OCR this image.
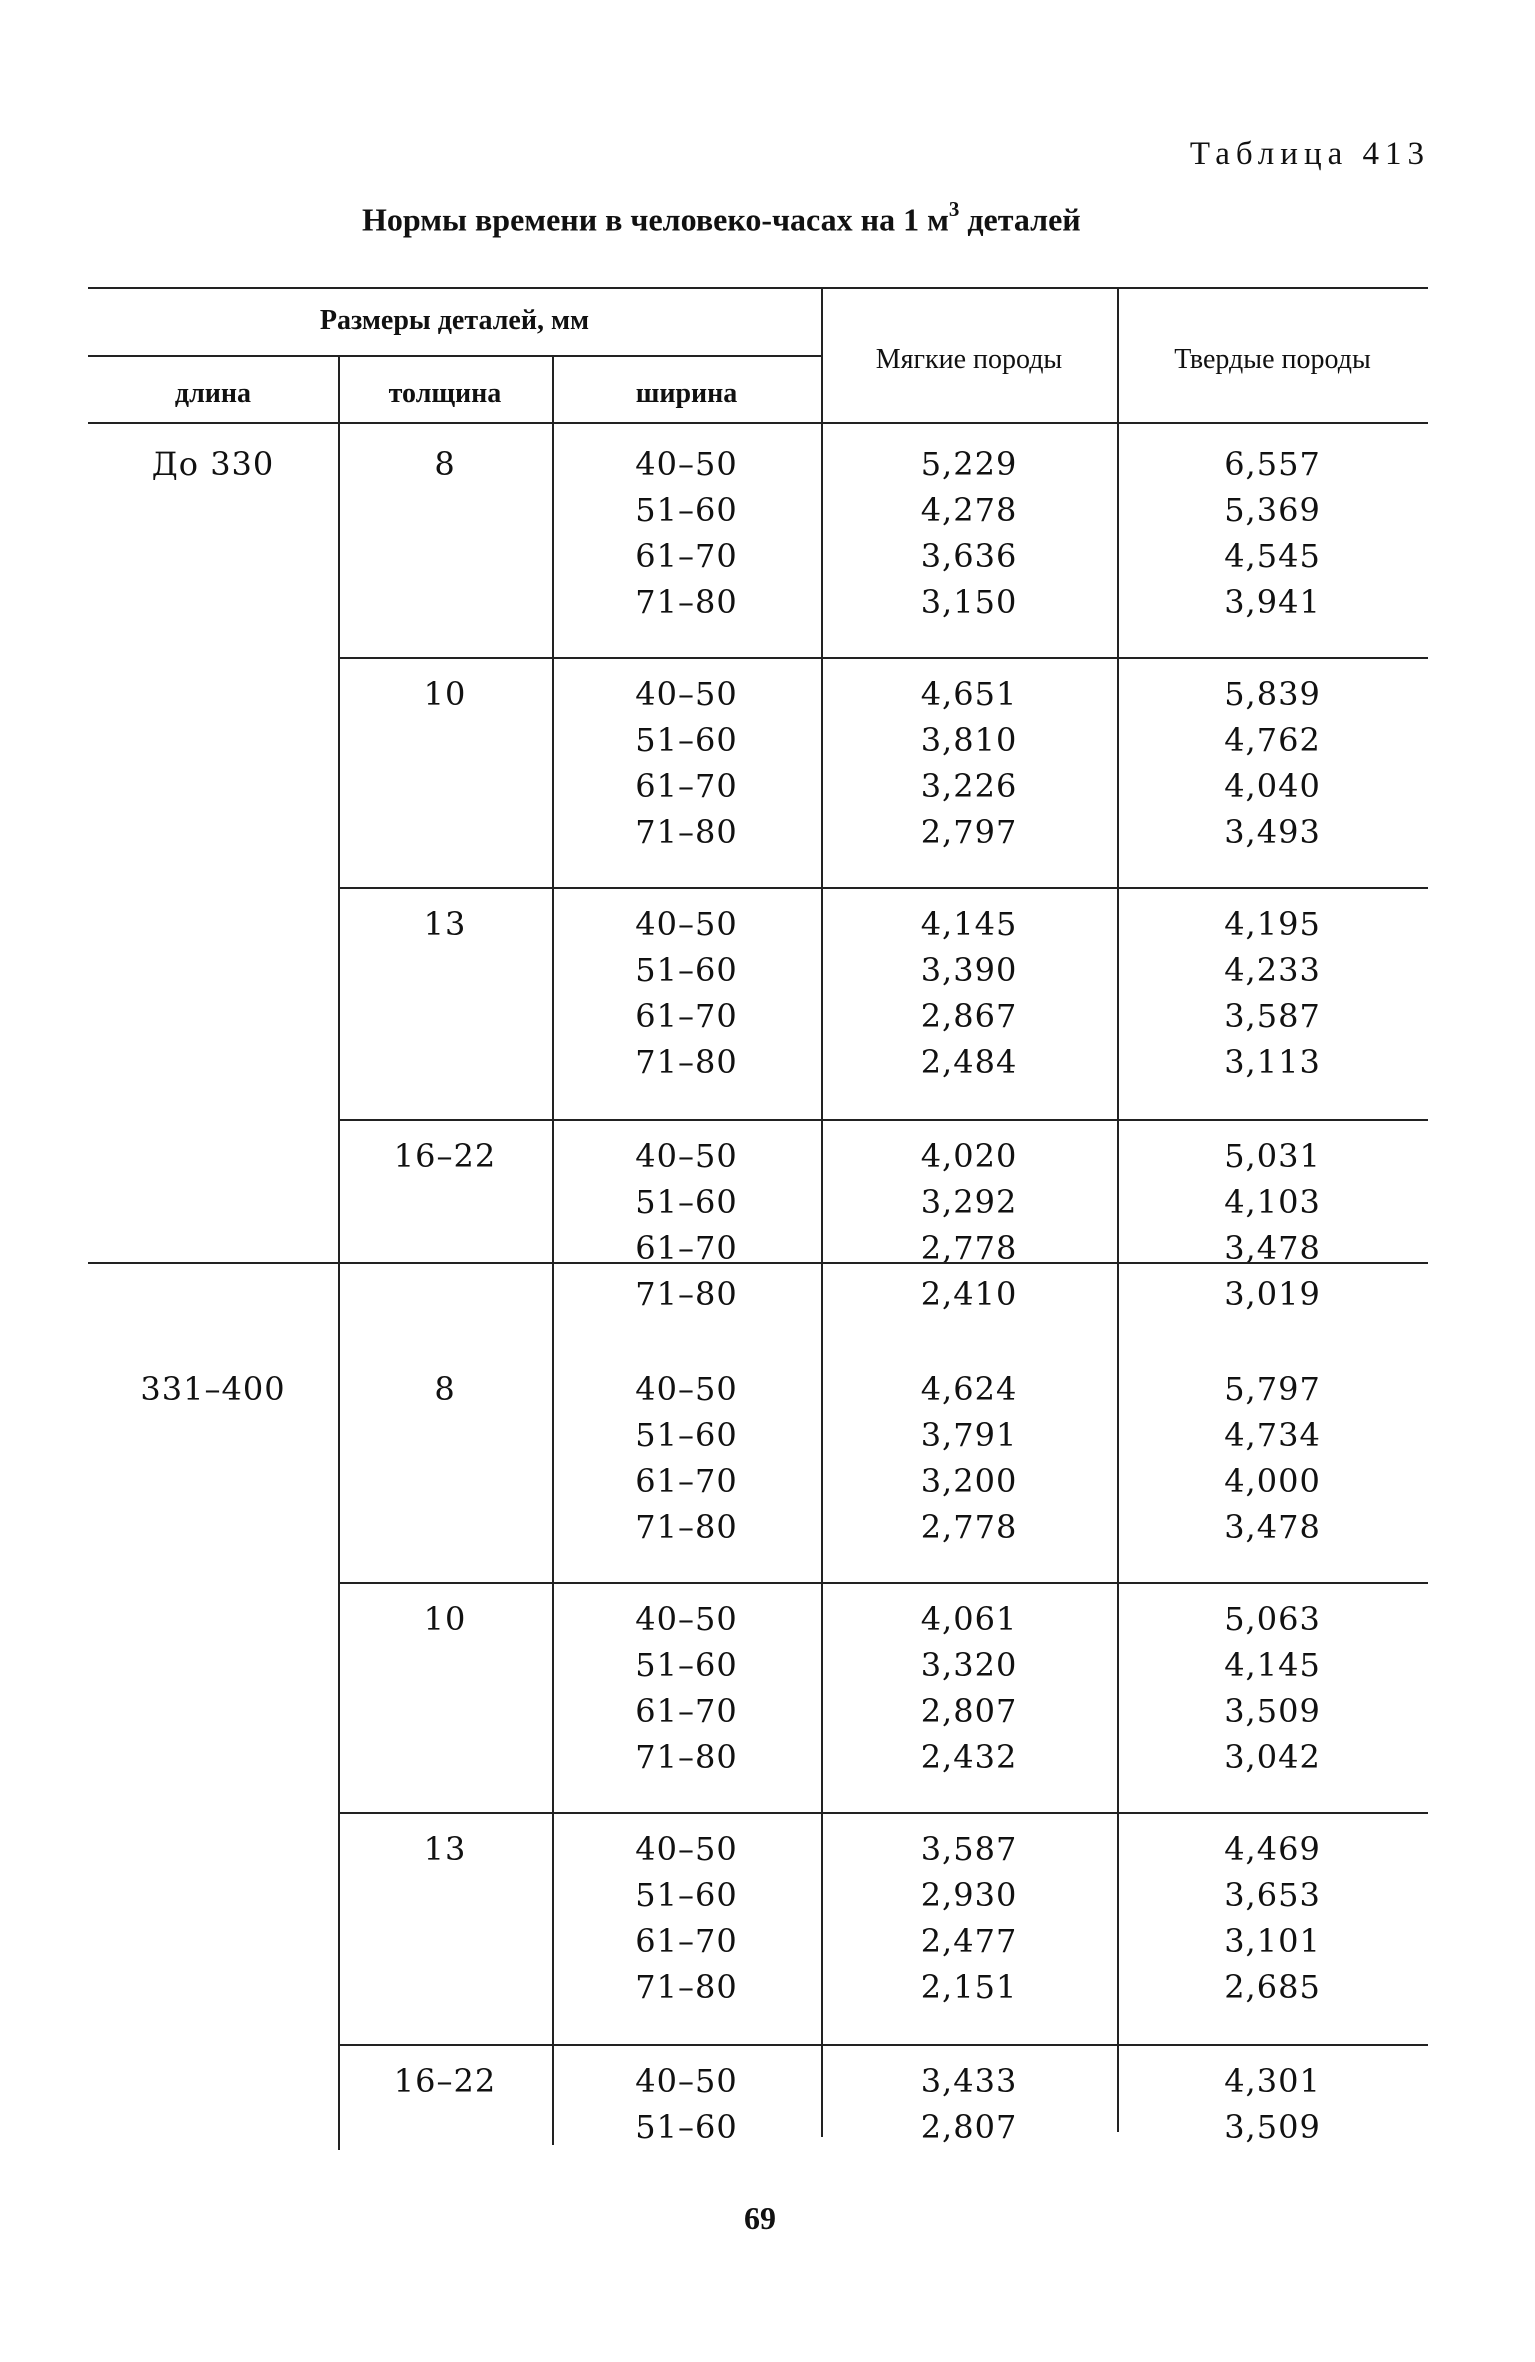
Таблица 413
Нормы времени в человеко-часах на 1 $м^3$ деталей
Размеры деталей, мм
длина	толщина	ширина
Мягкие породы	Твердые породы
До 330	8	40–50	5,229	6,557
51–60	4,278	5,369
61–70	3,636	4,545
71–80	3,150	3,941
10	40–50	4,651	5,839
51–60	3,810	4,762
61–70	3,226	4,040
71–80	2,797	3,493
13	40–50	4,145	4,195
51–60	3,390	4,233
61–70	2,867	3,587
71–80	2,484	3,113
16–22	40–50	4,020	5,031
51–60	3,292	4,103
61–70	2,778	3,478
71–80	2,410	3,019
331–400	8	40–50	4,624	5,797
51–60	3,791	4,734
61–70	3,200	4,000
71–80	2,778	3,478
10	40–50	4,061	5,063
51–60	3,320	4,145
61–70	2,807	3,509
71–80	2,432	3,042
13	40–50	3,587	4,469
51–60	2,930	3,653
61–70	2,477	3,101
71–80	2,151	2,685
16–22	40–50	3,433	4,301
51–60	2,807	3,509
69
